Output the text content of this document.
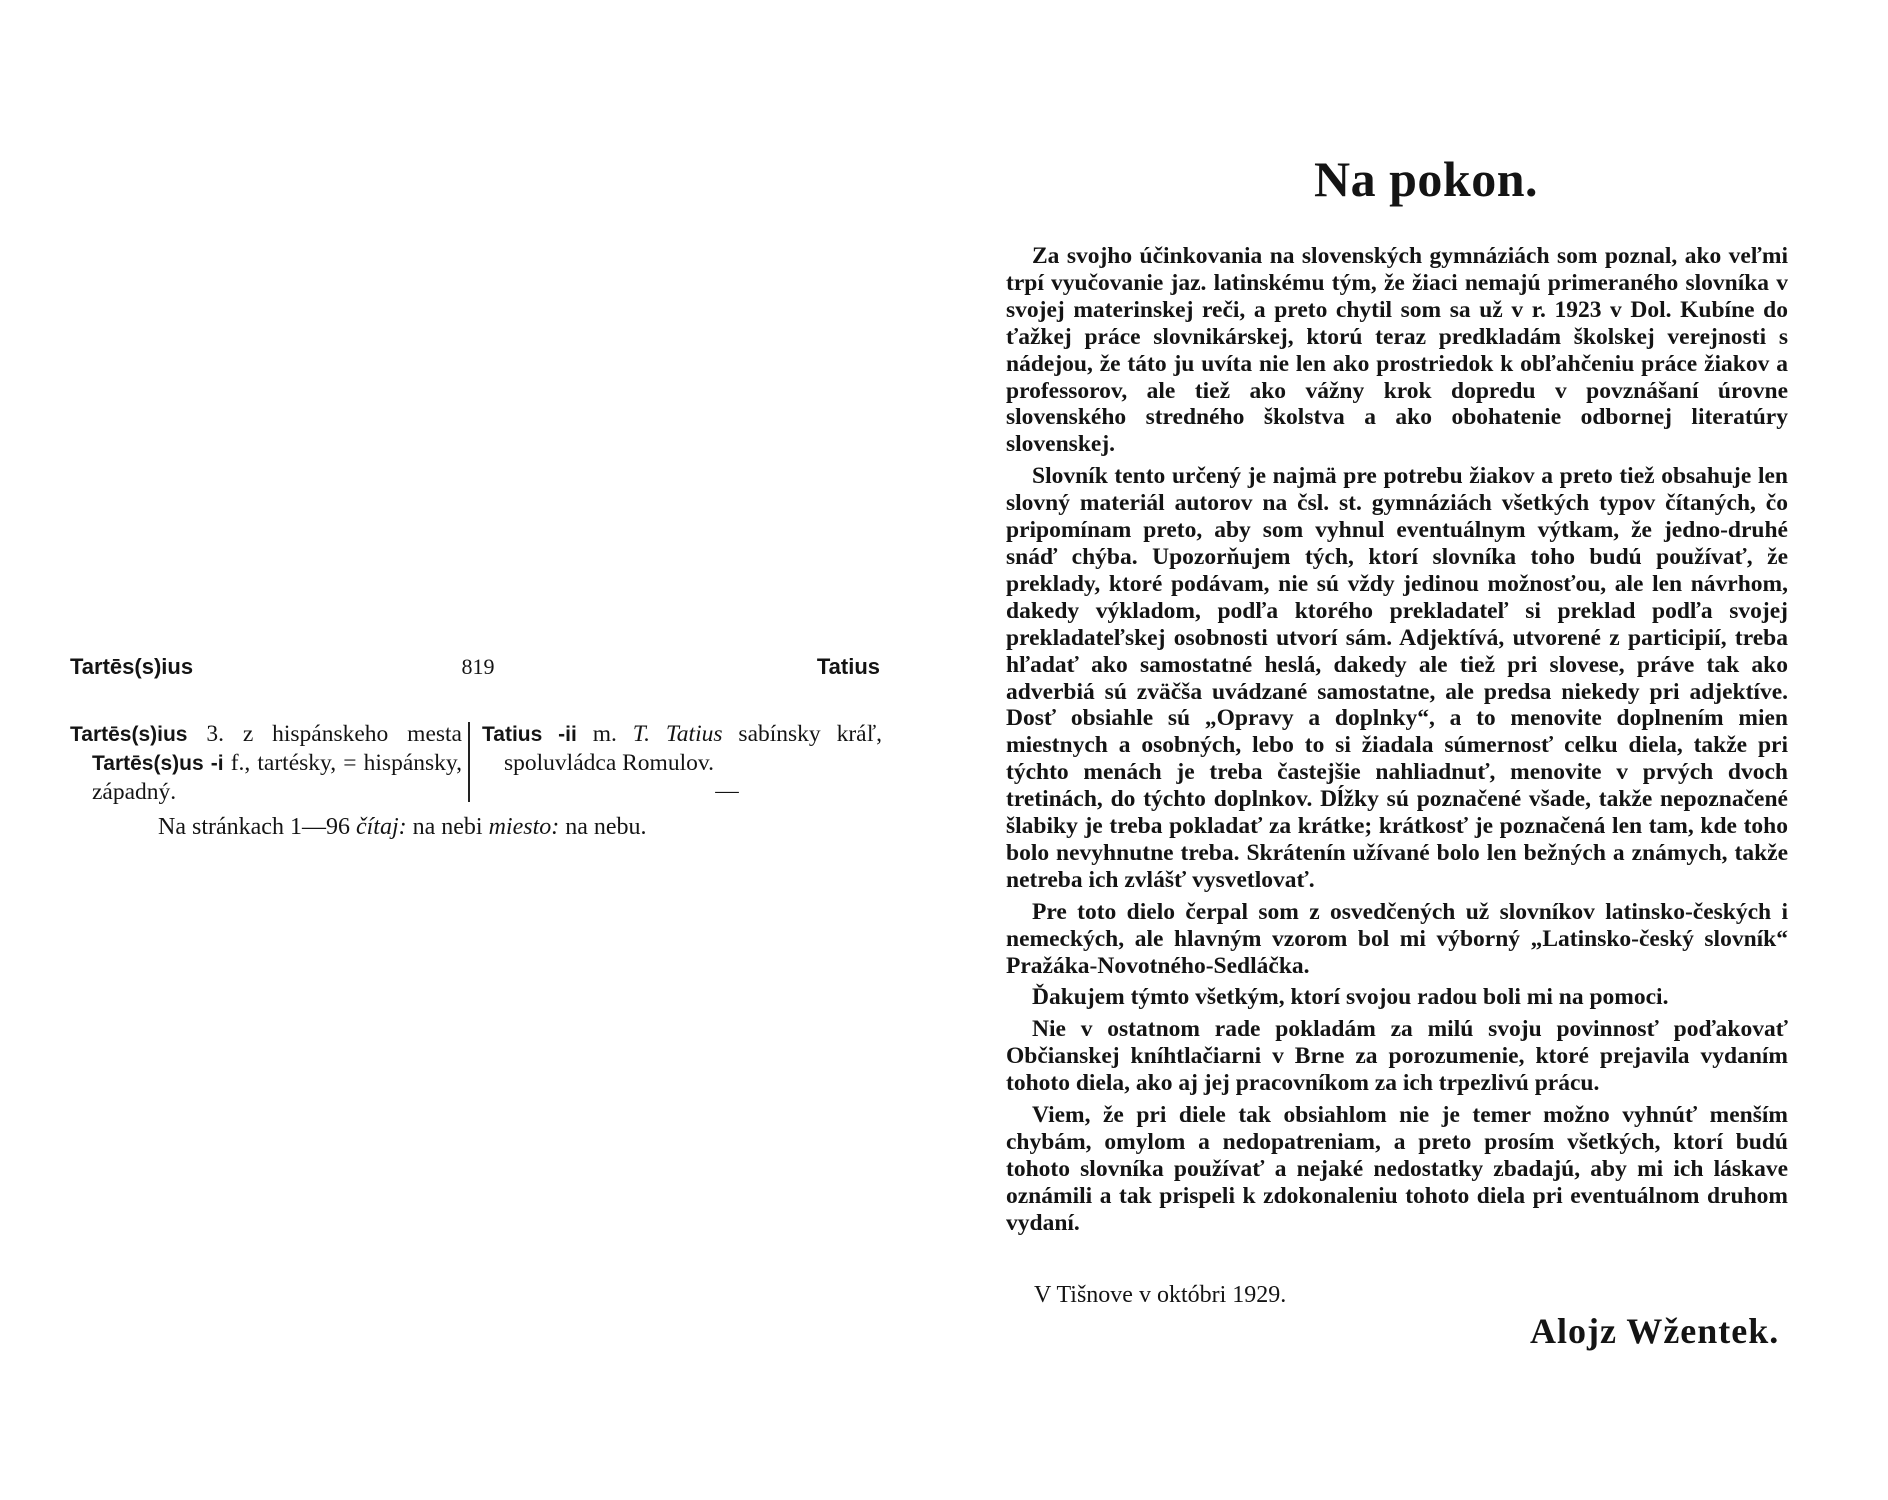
Tartēs(s)ius	819	Tatius

Tartēs(s)ius 3. z hispánskeho mesta Tartēs(s)us -i f., tartésky, = hispánsky, západný.

Tatius -ii m. T. Tatius sabínsky kráľ, spoluvládca Romulov.

—

Na stránkach 1—96 čítaj: na nebi miesto: na nebu.
Na pokon.

Za svojho účinkovania na slovenských gymnáziách som poznal, ako veľmi trpí vyučovanie jaz. latinskému tým, že žiaci nemajú primeraného slovníka v svojej materinskej reči, a preto chytil som sa už v r. 1923 v Dol. Kubíne do ťažkej práce slovnikárskej, ktorú teraz predkladám školskej verejnosti s nádejou, že táto ju uvíta nie len ako prostriedok k obľahčeniu práce žiakov a professorov, ale tiež ako vážny krok dopredu v povznášaní úrovne slovenského stredného školstva a ako obohatenie odbornej literatúry slovenskej.

Slovník tento určený je najmä pre potrebu žiakov a preto tiež obsahuje len slovný materiál autorov na čsl. st. gymnáziách všetkých typov čítaných, čo pripomínam preto, aby som vyhnul eventuálnym výtkam, že jedno-druhé snáď chýba. Upozorňujem tých, ktorí slovníka toho budú používať, že preklady, ktoré podávam, nie sú vždy jedinou možnosťou, ale len návrhom, dakedy výkladom, podľa ktorého prekladateľ si preklad podľa svojej prekladateľskej osobnosti utvorí sám. Adjektívá, utvorené z participií, treba hľadať ako samostatné heslá, dakedy ale tiež pri slovese, práve tak ako adverbiá sú zväčša uvádzané samostatne, ale predsa niekedy pri adjektíve. Dosť obsiahle sú „Opravy a doplnky“, a to menovite doplnením mien miestnych a osobných, lebo to si žiadala súmernosť celku diela, takže pri týchto menách je treba častejšie nahliadnuť, menovite v prvých dvoch tretinách, do týchto doplnkov. Dĺžky sú poznačené všade, takže nepoznačené šlabiky je treba pokladať za krátke; krátkosť je poznačená len tam, kde toho bolo nevyhnutne treba. Skrátenín užívané bolo len bežných a známych, takže netreba ich zvlášť vysvetlovať.

Pre toto dielo čerpal som z osvedčených už slovníkov latinsko-českých i nemeckých, ale hlavným vzorom bol mi výborný „Latinsko-český slovník“ Pražáka-Novotného-Sedláčka.

Ďakujem týmto všetkým, ktorí svojou radou boli mi na pomoci.

Nie v ostatnom rade pokladám za milú svoju povinnosť poďakovať Občianskej kníhtlačiarni v Brne za porozumenie, ktoré prejavila vydaním tohoto diela, ako aj jej pracovníkom za ich trpezlivú prácu.

Viem, že pri diele tak obsiahlom nie je temer možno vyhnúť menším chybám, omylom a nedopatreniam, a preto prosím všetkých, ktorí budú tohoto slovníka používať a nejaké nedostatky zbadajú, aby mi ich láskave oznámili a tak prispeli k zdokonaleniu tohoto diela pri eventuálnom druhom vydaní.

V Tišnove v októbri 1929.
Alojz Wžentek.
